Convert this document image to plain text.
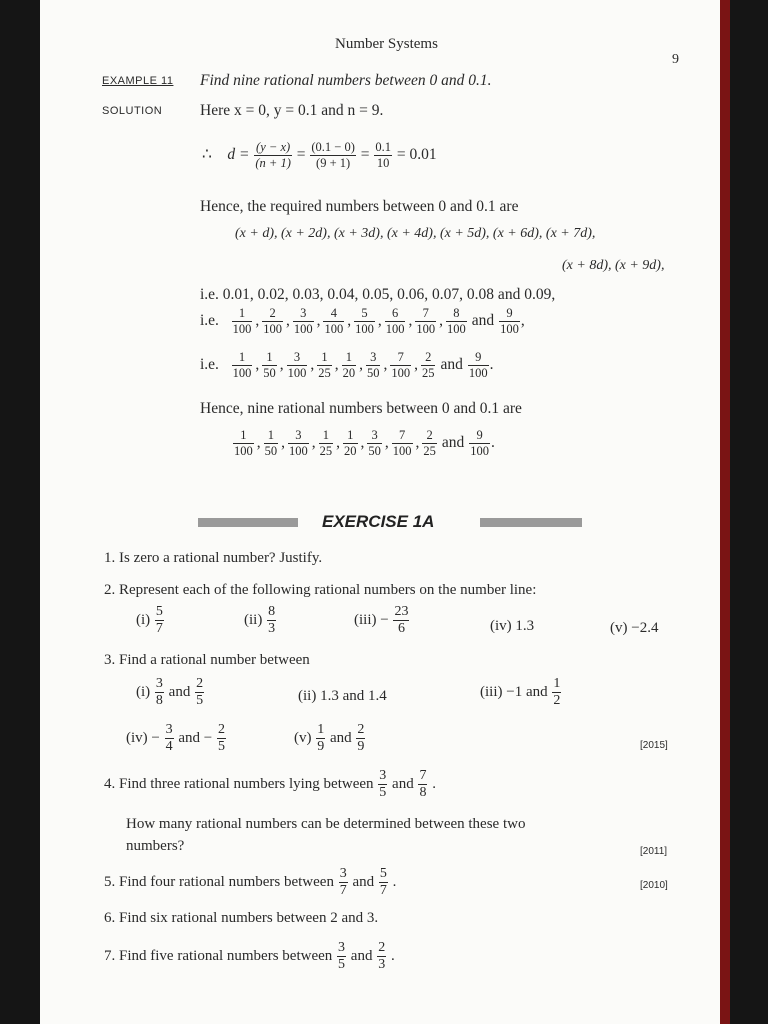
Number Systems
9
EXAMPLE 11 Find nine rational numbers between 0 and 0.1.
SOLUTION Here x = 0, y = 0.1 and n = 9.
∴ $d = \frac{(y - x)}{(n + 1)} = \frac{(0.1 - 0)}{(9 + 1)} = \frac{0.1}{10} = 0.01$
Hence, the required numbers between 0 and 0.1 are
(x + d), (x + 2d), (x + 3d), (x + 4d), (x + 5d), (x + 6d), (x + 7d),
(x + 8d), (x + 9d),
i.e. 0.01, 0.02, 0.03, 0.04, 0.05, 0.06, 0.07, 0.08 and 0.09,
i.e. $\frac{1}{100}$ , $\frac{2}{100}$ , $\frac{3}{100}$ , $\frac{4}{100}$ , $\frac{5}{100}$ , $\frac{6}{100}$ , $\frac{7}{100}$ , $\frac{8}{100}$ and $\frac{9}{100}$ ,
i.e. $\frac{1}{100}$ , $\frac{1}{50}$ , $\frac{3}{100}$ , $\frac{1}{25}$ , $\frac{1}{20}$ , $\frac{3}{50}$ , $\frac{7}{100}$ , $\frac{2}{25}$ and $\frac{9}{100}$ .
Hence, nine rational numbers between 0 and 0.1 are
$\frac{1}{100}$ , $\frac{1}{50}$ , $\frac{3}{100}$ , $\frac{1}{25}$ , $\frac{1}{20}$ , $\frac{3}{50}$ , $\frac{7}{100}$ , $\frac{2}{25}$ and $\frac{9}{100}$ .
EXERCISE 1A
1. Is zero a rational number? Justify.
2. Represent each of the following rational numbers on the number line:
$(i) \frac{5}{7}$	$(ii) \frac{8}{3}$	$(iii) - \frac{23}{6}$	(iv) 1.3	(v) −2.4
3. Find a rational number between
$(i) \frac{3}{8}$ and $\frac{2}{5}$	(ii) 1.3 and 1.4	(iii) −1 and $\frac{1}{2}$
$(iv) - \frac{3}{4}$ and − $\frac{2}{5}$	$(v) \frac{1}{9}$ and $\frac{2}{9}$	[2015]
4. Find three rational numbers lying between $\frac{3}{5}$ and $\frac{7}{8}$ .
How many rational numbers can be determined between these two
numbers?	[2011]
5. Find four rational numbers between $\frac{3}{7}$ and $\frac{5}{7}$ .	[2010]
6. Find six rational numbers between 2 and 3.
7. Find five rational numbers between $\frac{3}{5}$ and $\frac{2}{3}$ .
